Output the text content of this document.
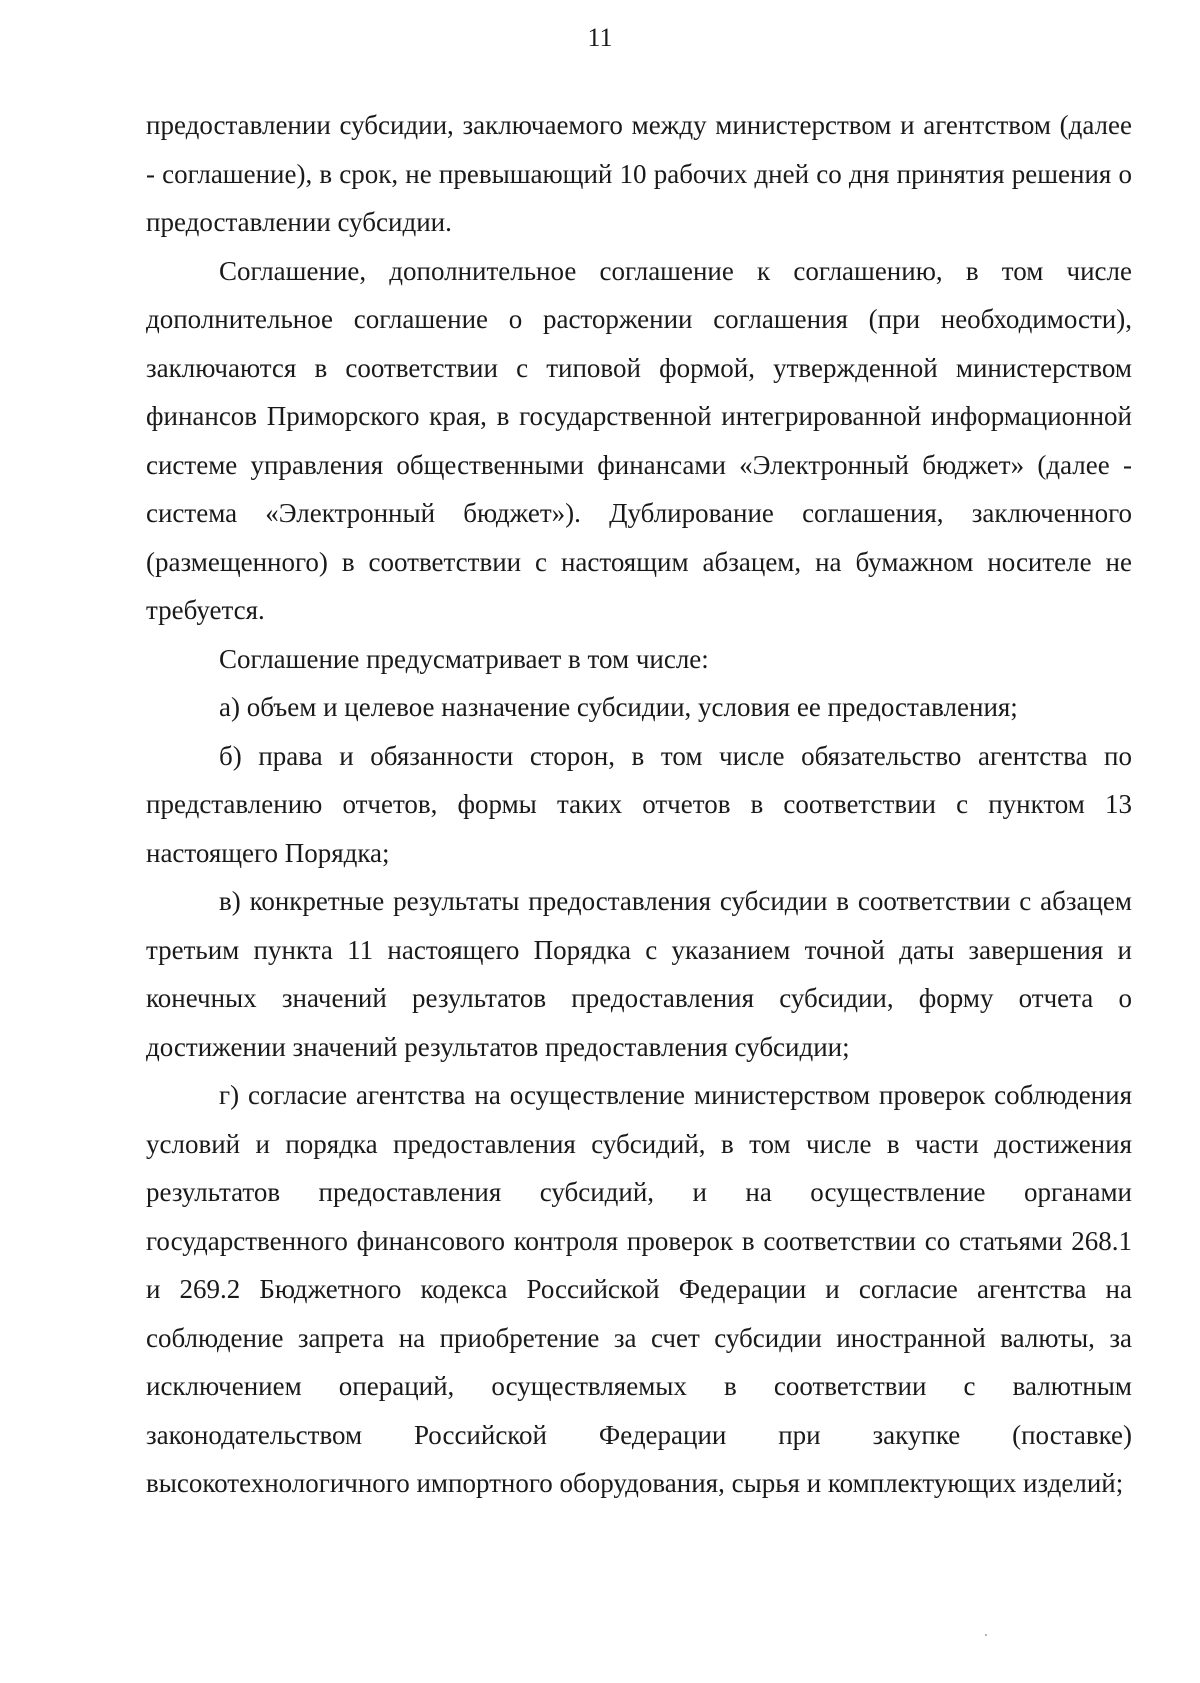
11

предоставлении субсидии, заключаемого между министерством и агентством (далее - соглашение), в срок, не превышающий 10 рабочих дней со дня принятия решения о предоставлении субсидии.

Соглашение, дополнительное соглашение к соглашению, в том числе дополнительное соглашение о расторжении соглашения (при необходимости), заключаются в соответствии с типовой формой, утвержденной министерством финансов Приморского края, в государственной интегрированной информационной системе управления общественными финансами «Электронный бюджет» (далее - система «Электронный бюджет»). Дублирование соглашения, заключенного (размещенного) в соответствии с настоящим абзацем, на бумажном носителе не требуется.

Соглашение предусматривает в том числе:

а) объем и целевое назначение субсидии, условия ее предоставления;

б) права и обязанности сторон, в том числе обязательство агентства по представлению отчетов, формы таких отчетов в соответствии с пунктом 13 настоящего Порядка;

в) конкретные результаты предоставления субсидии в соответствии с абзацем третьим пункта 11 настоящего Порядка с указанием точной даты завершения и конечных значений результатов предоставления субсидии, форму отчета о достижении значений результатов предоставления субсидии;

г) согласие агентства на осуществление министерством проверок соблюдения условий и порядка предоставления субсидий, в том числе в части достижения результатов предоставления субсидий, и на осуществление органами государственного финансового контроля проверок в соответствии со статьями 268.1 и 269.2 Бюджетного кодекса Российской Федерации и согласие агентства на соблюдение запрета на приобретение за счет субсидии иностранной валюты, за исключением операций, осуществляемых в соответствии с валютным законодательством Российской Федерации при закупке (поставке) высокотехнологичного импортного оборудования, сырья и комплектующих изделий;
